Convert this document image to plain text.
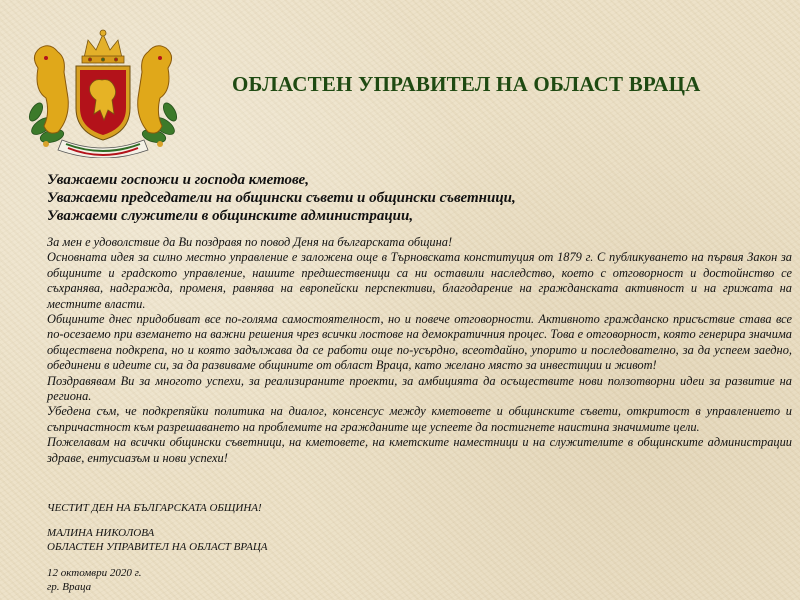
ОБЛАСТЕН УПРАВИТЕЛ НА ОБЛАСТ ВРАЦА
Уважаеми госпожи и господа кметове,
Уважаеми председатели на общински съвети и общински съветници,
Уважаеми служители в общинските администрации,

За мен е удоволствие да Ви поздравя по повод Деня на българската община!

Основната идея за силно местно управление е заложена още в Търновската конституция от 1879 г. С публикуването на първия Закон за общините и градското управление, нашите предшественици са ни оставили наследство, което с отговорност и достойнство се съхранява, надгражда, променя, равнява на европейски перспективи, благодарение на гражданската активност и на грижата на местните власти.

Общините днес придобиват все по-голяма самостоятелност, но и повече отговорности. Активното гражданско присъствие става все по-осезаемо при вземането на важни решения чрез всички лостове на демократичния процес. Това е отговорност, която генерира значима обществена подкрепа, но и която задължава да се работи още по-усърдно, всеотдайно, упорито и последователно, за да успеем заедно, обединени в идеите си, за да развиваме общините от област Враца, като желано място за инвестиции и живот!

Поздравявам Ви за многото успехи, за реализираните проекти, за амбицията да осъществите нови ползотворни идеи за развитие на региона.

Убедена съм, че подкрепяйки политика на диалог, консенсус между кметовете и общинските съвети, откритост в управлението и съпричастност към разрешаването на проблемите на гражданите ще успеете да постигнете наистина значимите цели.

Пожелавам на всички общински съветници, на кметовете, на кметските наместници и на служителите в общинските администрации здраве, ентусиазъм и нови успехи!

ЧЕСТИТ ДЕН НА БЪЛГАРСКАТА ОБЩИНА!
МАЛИНА НИКОЛОВА
ОБЛАСТЕН УПРАВИТЕЛ НА ОБЛАСТ ВРАЦА
12 октомври 2020 г.
гр. Враца
